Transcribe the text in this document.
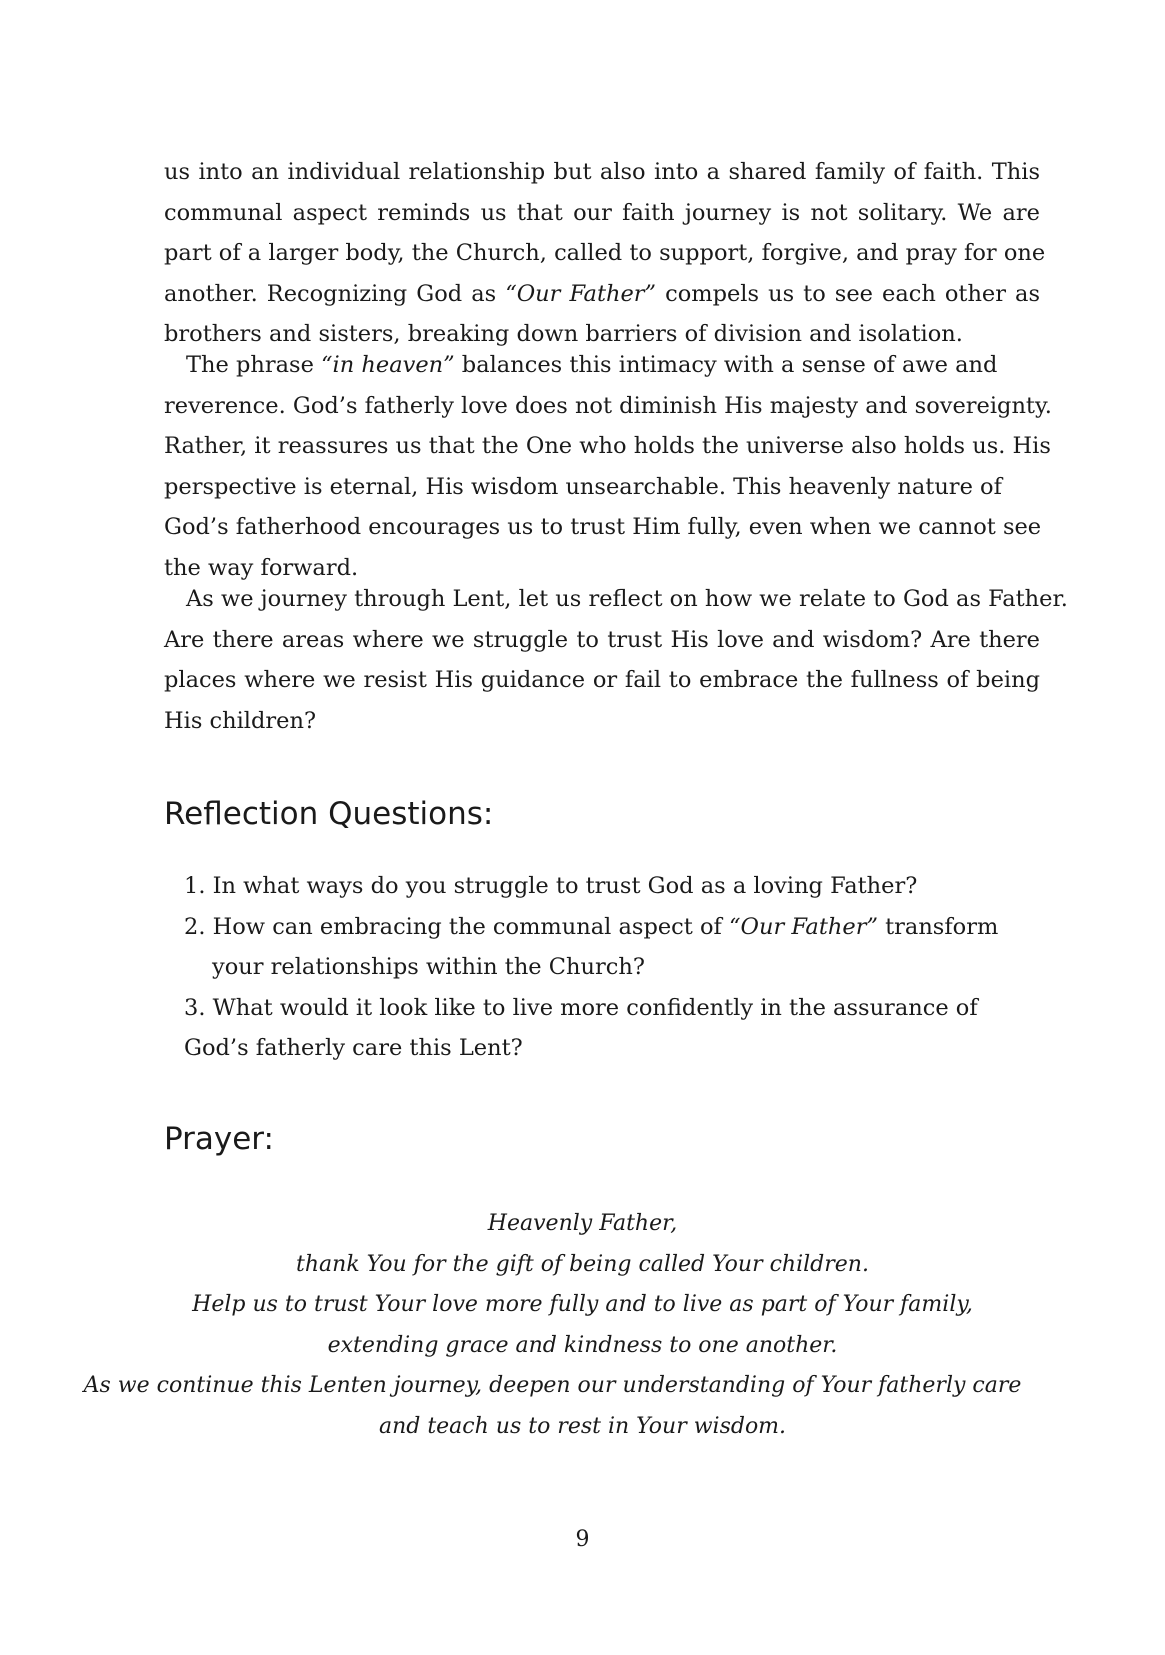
us into an individual relationship but also into a shared family of faith. This
communal aspect reminds us that our faith journey is not solitary. We are
part of a larger body, the Church, called to support, forgive, and pray for one
another. Recognizing God as “Our Father” compels us to see each other as
brothers and sisters, breaking down barriers of division and isolation.

The phrase “in heaven” balances this intimacy with a sense of awe and
reverence. God’s fatherly love does not diminish His majesty and sovereignty.
Rather, it reassures us that the One who holds the universe also holds us. His
perspective is eternal, His wisdom unsearchable. This heavenly nature of
God’s fatherhood encourages us to trust Him fully, even when we cannot see
the way forward.

As we journey through Lent, let us reflect on how we relate to God as Father.
Are there areas where we struggle to trust His love and wisdom? Are there
places where we resist His guidance or fail to embrace the fullness of being
His children?

Reflection Questions:
1. In what ways do you struggle to trust God as a loving Father?
2. How can embracing the communal aspect of “Our Father” transform
your relationships within the Church?
3. What would it look like to live more confidently in the assurance of
God’s fatherly care this Lent?
Prayer:

Heavenly Father,
thank You for the gift of being called Your children.
Help us to trust Your love more fully and to live as part of Your family,
extending grace and kindness to one another.
As we continue this Lenten journey, deepen our understanding of Your fatherly care
and teach us to rest in Your wisdom.

9
